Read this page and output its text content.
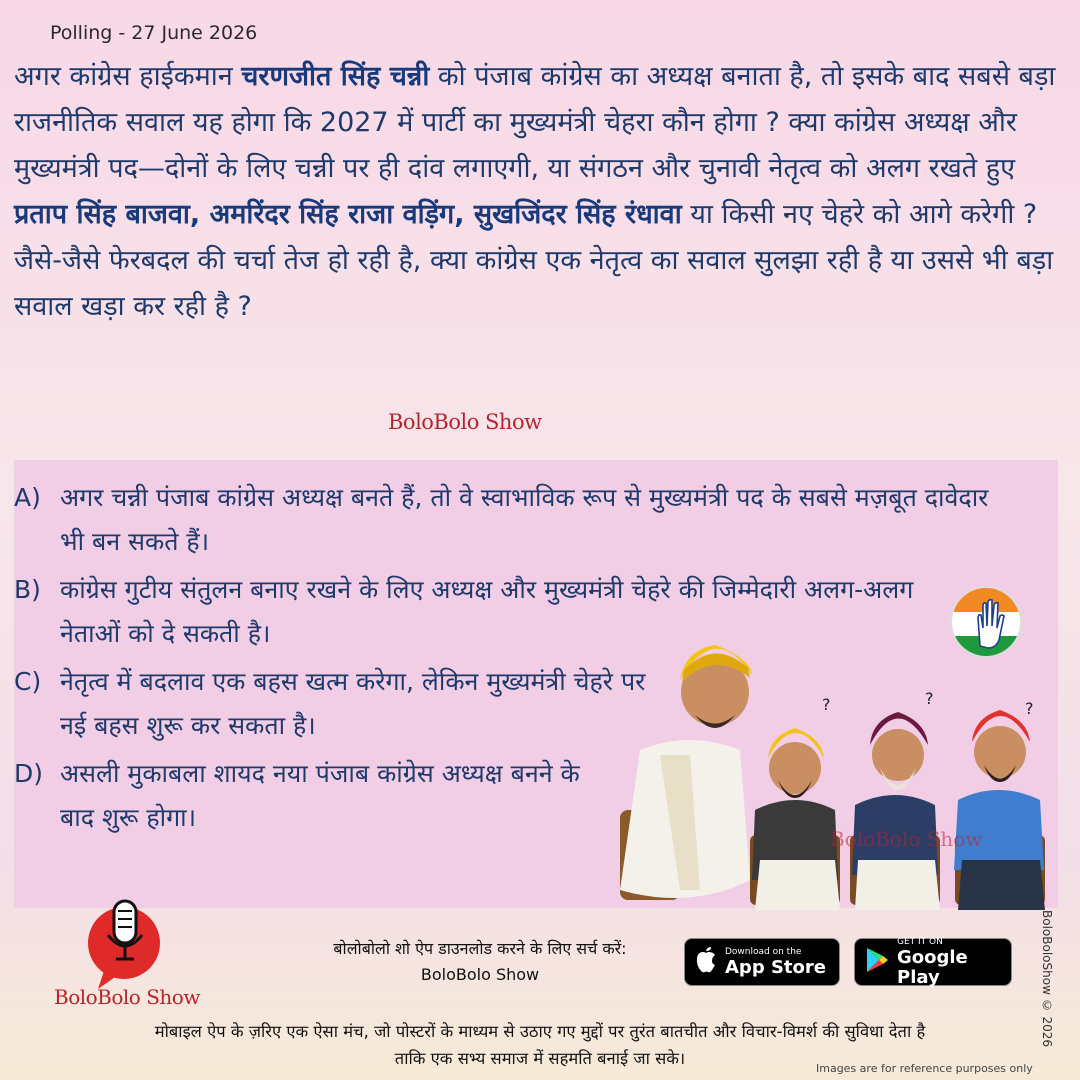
Polling - 27 June 2026
अगर कांग्रेस हाईकमान चरणजीत सिंह चन्नी को पंजाब कांग्रेस का अध्यक्ष बनाता है, तो इसके बाद सबसे बड़ा राजनीतिक सवाल यह होगा कि 2027 में पार्टी का मुख्यमंत्री चेहरा कौन होगा ? क्या कांग्रेस अध्यक्ष और मुख्यमंत्री पद—दोनों के लिए चन्नी पर ही दांव लगाएगी, या संगठन और चुनावी नेतृत्व को अलग रखते हुए प्रताप सिंह बाजवा, अमरिंदर सिंह राजा वड़िंग, सुखजिंदर सिंह रंधावा या किसी नए चेहरे को आगे करेगी ? जैसे-जैसे फेरबदल की चर्चा तेज हो रही है, क्या कांग्रेस एक नेतृत्व का सवाल सुलझा रही है या उससे भी बड़ा सवाल खड़ा कर रही है ?
BoloBolo Show
A) अगर चन्नी पंजाब कांग्रेस अध्यक्ष बनते हैं, तो वे स्वाभाविक रूप से मुख्यमंत्री पद के सबसे मज़बूत दावेदार भी बन सकते हैं।
B) कांग्रेस गुटीय संतुलन बनाए रखने के लिए अध्यक्ष और मुख्यमंत्री चेहरे की जिम्मेदारी अलग-अलग नेताओं को दे सकती है।
C) नेतृत्व में बदलाव एक बहस खत्म करेगा, लेकिन मुख्यमंत्री चेहरे पर नई बहस शुरू कर सकता है।
D) असली मुकाबला शायद नया पंजाब कांग्रेस अध्यक्ष बनने के बाद शुरू होगा।
?	?
?
BoloBolo Show
BoloBolo Show
बोलोबोलो शो ऐप डाउनलोड करने के लिए सर्च करें:
BoloBolo Show
Download on the
App Store
GET IT ON
Google Play
मोबाइल ऐप के ज़रिए एक ऐसा मंच, जो पोस्टरों के माध्यम से उठाए गए मुद्दों पर तुरंत बातचीत और विचार-विमर्श की सुविधा देता है
ताकि एक सभ्य समाज में सहमति बनाई जा सके।
BoloBoloShow © 2026
Images are for reference purposes only
